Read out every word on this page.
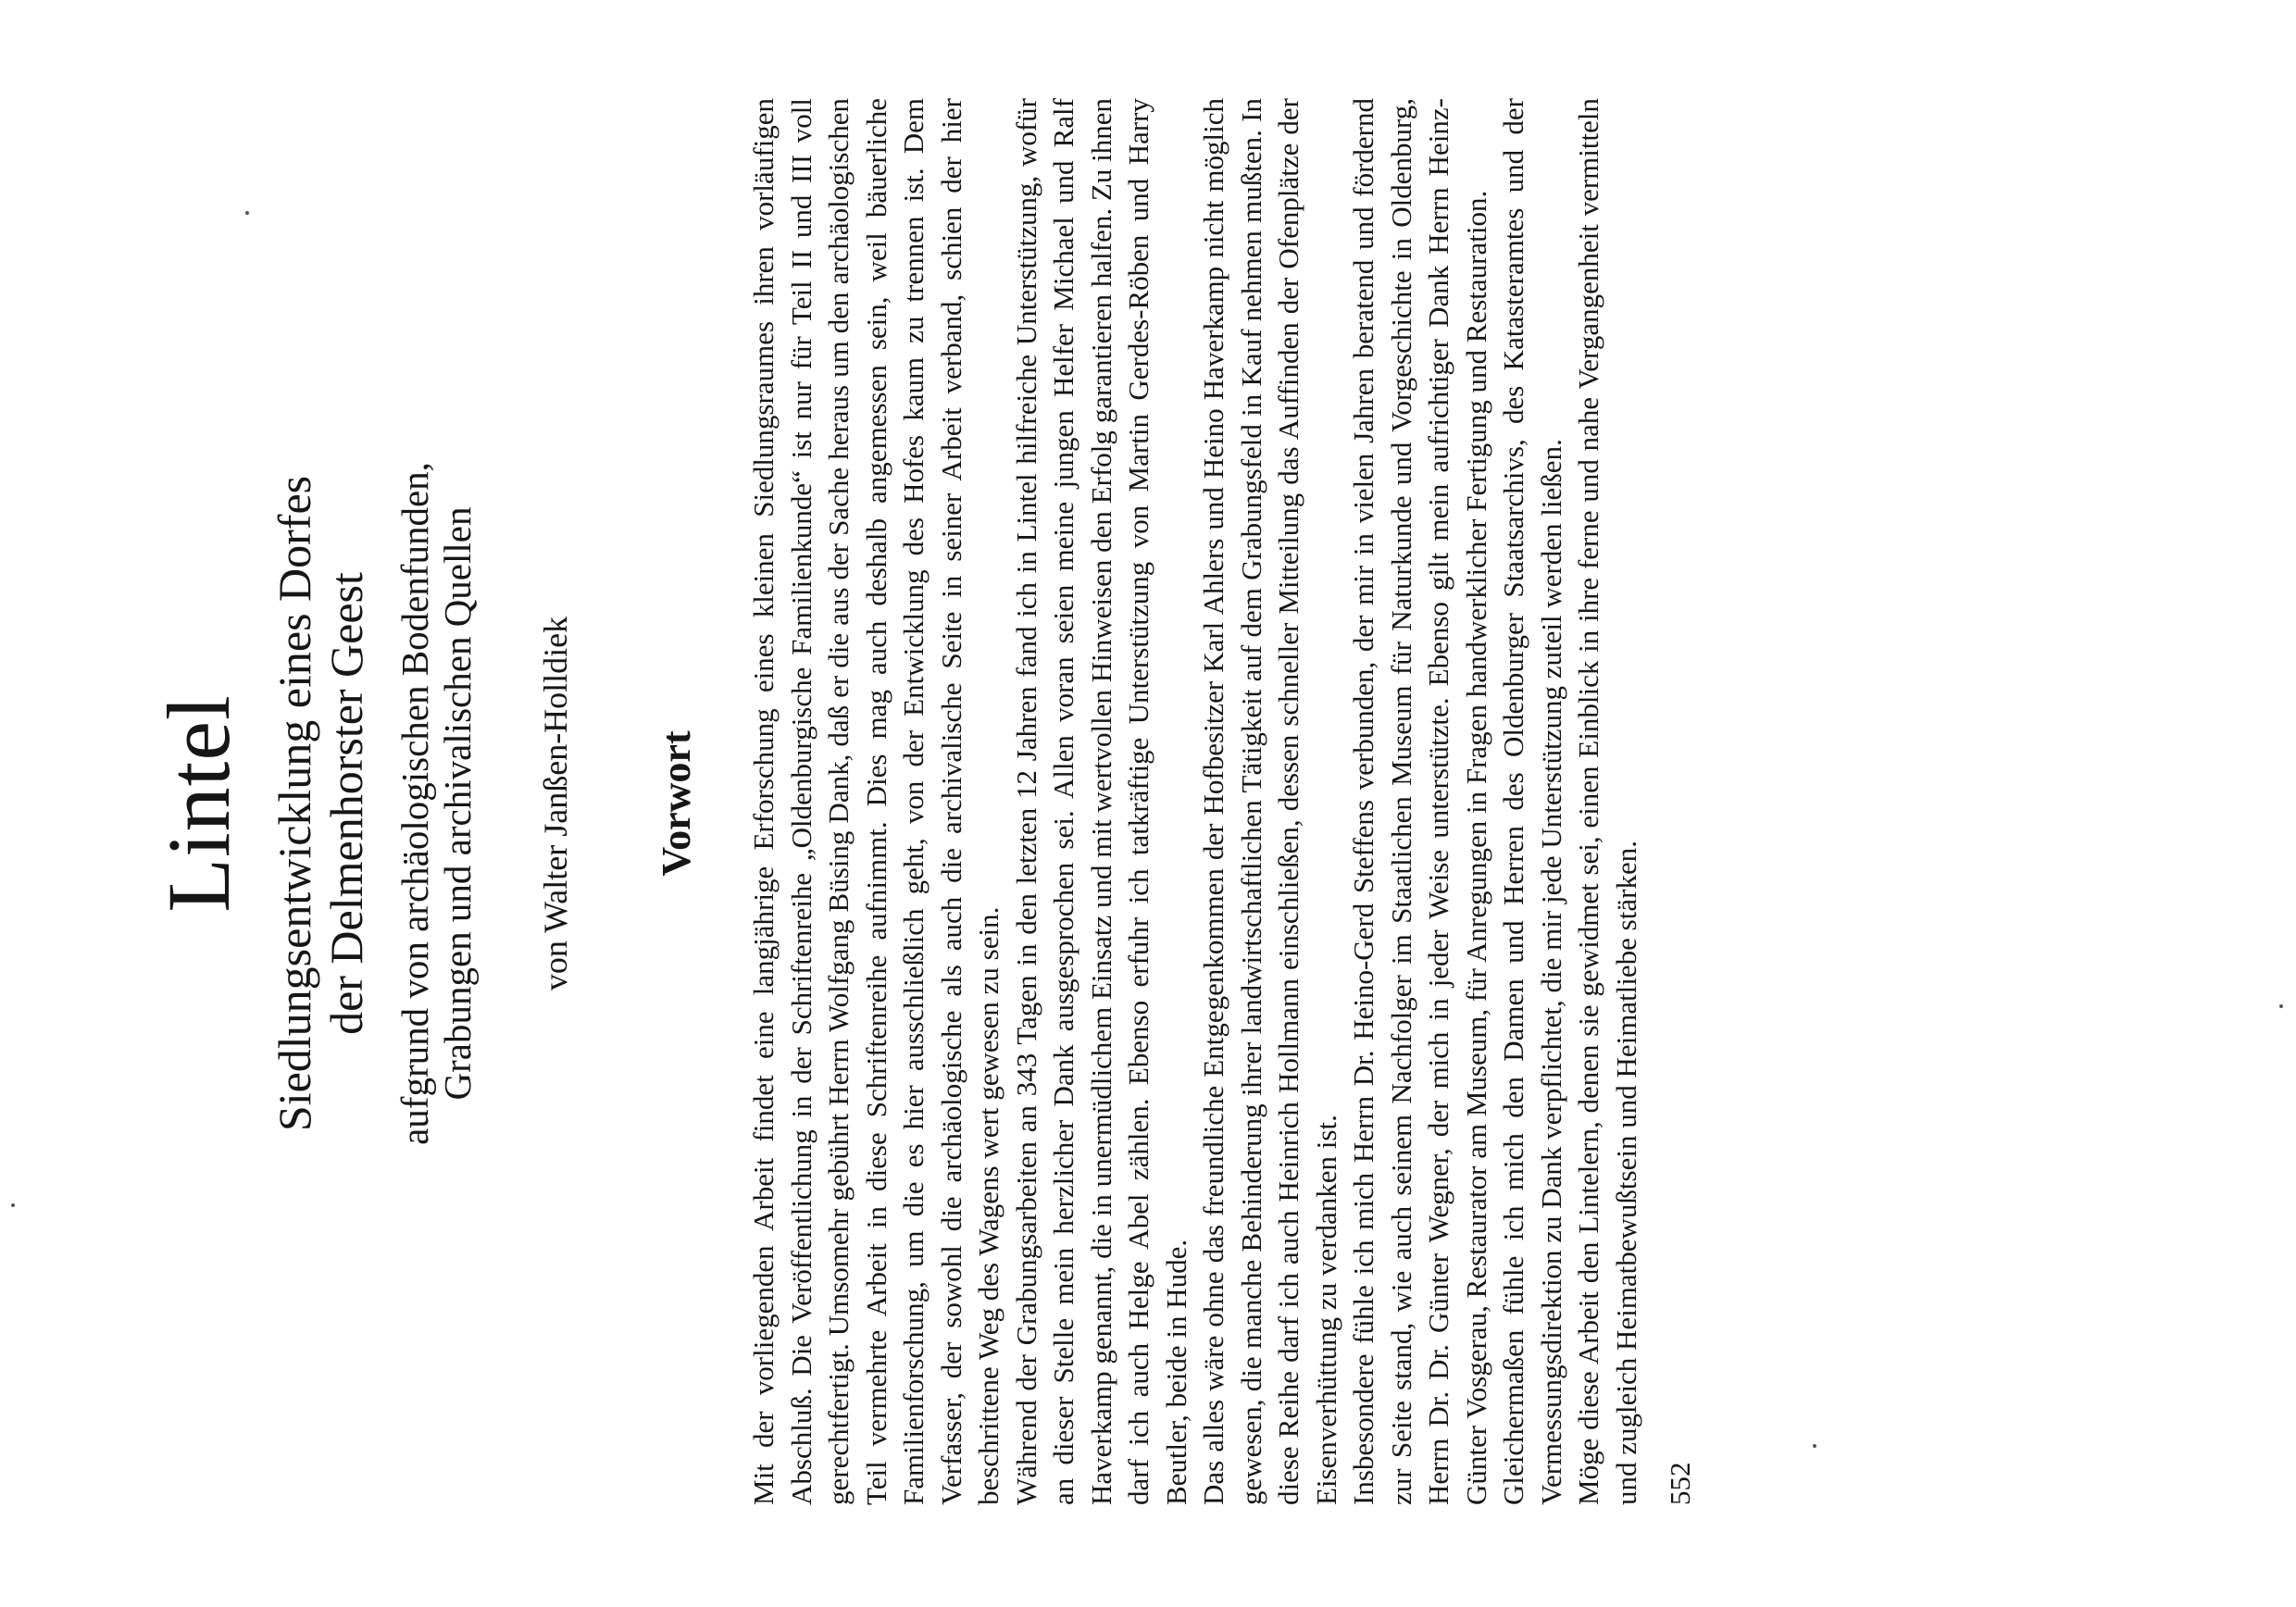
Lintel Siedlungsentwicklung eines Dorfes der Delmenhorster Geest aufgrund von archäologischen Bodenfunden, Grabungen und archivalischen Quellen von Walter Janßen-Holldiek Vorwort Mit der vorliegenden Arbeit findet eine langjährige Erforschung eines kleinen Siedlungsraumes ihren vorläufigen Abschluß. Die Veröffentlichung in der Schriftenreihe „Oldenburgische Familienkunde“ ist nur für Teil II und III voll gerechtfertigt. Umsomehr gebührt Herrn Wolfgang Büsing Dank, daß er die aus der Sache heraus um den archäologischen Teil vermehrte Arbeit in diese Schriftenreihe aufnimmt. Dies mag auch deshalb angemessen sein, weil bäuerliche Familienforschung, um die es hier ausschließlich geht, von der Entwicklung des Hofes kaum zu trennen ist. Dem Verfasser, der sowohl die archäologische als auch die archivalische Seite in seiner Arbeit verband, schien der hier beschrittene Weg des Wagens wert gewesen zu sein. Während der Grabungsarbeiten an 343 Tagen in den letzten 12 Jahren fand ich in Lintel hilfreiche Unterstützung, wofür an dieser Stelle mein herzlicher Dank ausgesprochen sei. Allen voran seien meine jungen Helfer Michael und Ralf Haverkamp genannt, die in unermüdlichem Einsatz und mit wertvollen Hinweisen den Erfolg garantieren halfen. Zu ihnen darf ich auch Helge Abel zählen. Ebenso erfuhr ich tatkräftige Unterstützung von Martin Gerdes-Röben und Harry Beutler, beide in Hude. Das alles wäre ohne das freundliche Entgegenkommen der Hofbesitzer Karl Ahlers und Heino Haverkamp nicht möglich gewesen, die manche Behinderung ihrer landwirtschaftlichen Tätigkeit auf dem Grabungsfeld in Kauf nehmen mußten. In diese Reihe darf ich auch Heinrich Hollmann einschließen, dessen schneller Mitteilung das Auffinden der Ofenplätze der Eisenverhüttung zu verdanken ist. Insbesondere fühle ich mich Herrn Dr. Heino-Gerd Steffens verbunden, der mir in vielen Jahren beratend und fördernd zur Seite stand, wie auch seinem Nachfolger im Staatlichen Museum für Naturkunde und Vorgeschichte in Oldenburg, Herrn Dr. Dr. Günter Wegner, der mich in jeder Weise unterstützte. Ebenso gilt mein aufrichtiger Dank Herrn Heinz-Günter Vosgerau, Restaurator am Museum, für Anregungen in Fragen handwerklicher Fertigung und Restauration. Gleichermaßen fühle ich mich den Damen und Herren des Oldenburger Staatsarchivs, des Katasteramtes und der Vermessungsdirektion zu Dank verpflichtet, die mir jede Unterstützung zuteil werden ließen. Möge diese Arbeit den Lintelern, denen sie gewidmet sei, einen Einblick in ihre ferne und nahe Vergangenheit vermitteln und zugleich Heimatbewußtsein und Heimatliebe stärken. 552
